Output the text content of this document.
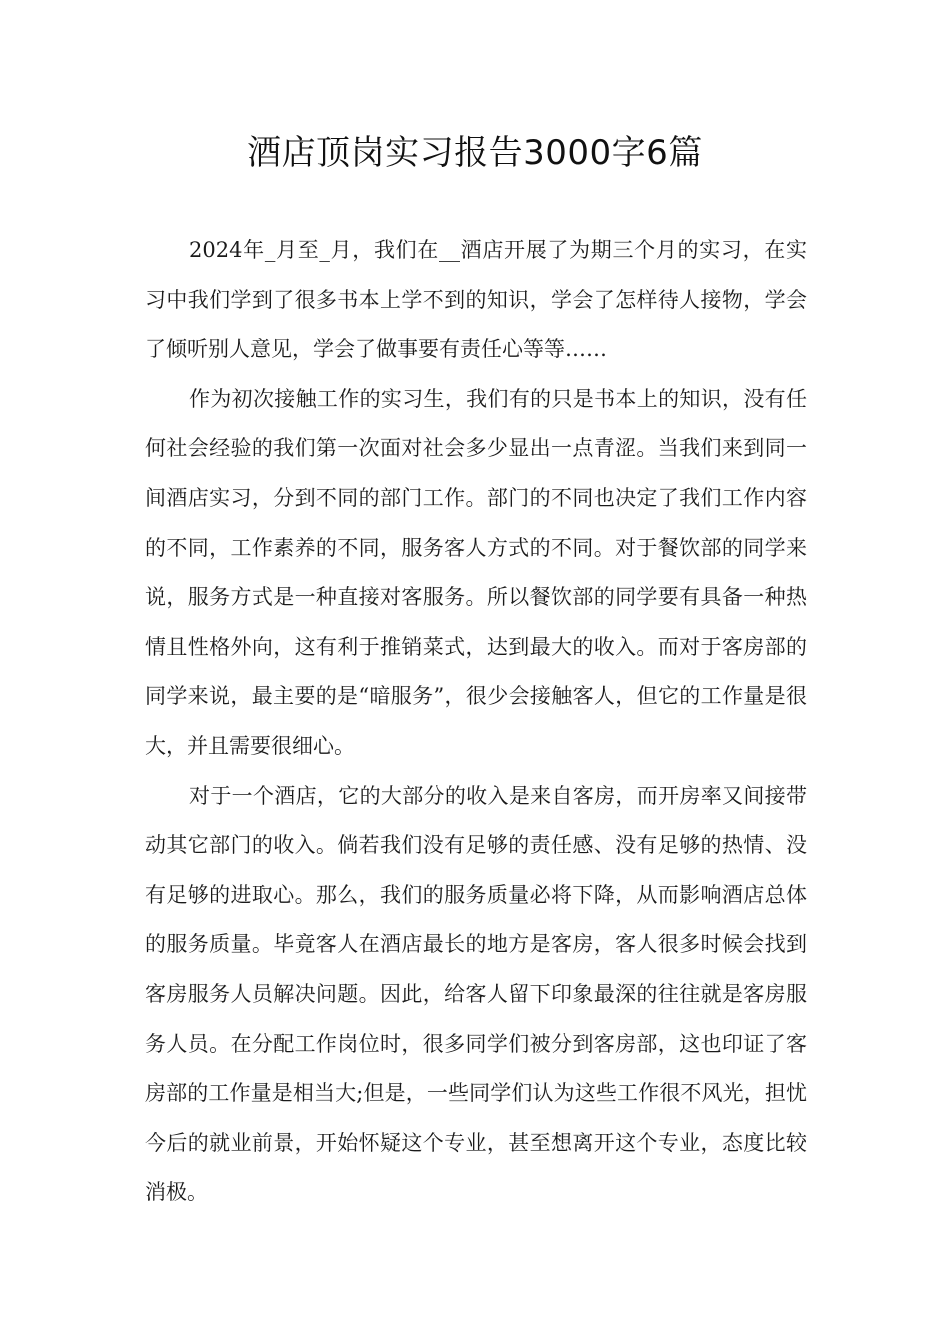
酒店顶岗实习报告3000字6篇

2024年_月至_月，我们在__酒店开展了为期三个月的实习，在实习中我们学到了很多书本上学不到的知识，学会了怎样待人接物，学会了倾听别人意见，学会了做事要有责任心等等……

作为初次接触工作的实习生，我们有的只是书本上的知识，没有任何社会经验的我们第一次面对社会多少显出一点青涩。当我们来到同一间酒店实习，分到不同的部门工作。部门的不同也决定了我们工作内容的不同，工作素养的不同，服务客人方式的不同。对于餐饮部的同学来说，服务方式是一种直接对客服务。所以餐饮部的同学要有具备一种热情且性格外向，这有利于推销菜式，达到最大的收入。而对于客房部的同学来说，最主要的是“暗服务”，很少会接触客人，但它的工作量是很大，并且需要很细心。

对于一个酒店，它的大部分的收入是来自客房，而开房率又间接带动其它部门的收入。倘若我们没有足够的责任感、没有足够的热情、没有足够的进取心。那么，我们的服务质量必将下降，从而影响酒店总体的服务质量。毕竟客人在酒店最长的地方是客房，客人很多时候会找到客房服务人员解决问题。因此，给客人留下印象最深的往往就是客房服务人员。在分配工作岗位时，很多同学们被分到客房部，这也印证了客房部的工作量是相当大;但是，一些同学们认为这些工作很不风光，担忧今后的就业前景，开始怀疑这个专业，甚至想离开这个专业，态度比较消极。
